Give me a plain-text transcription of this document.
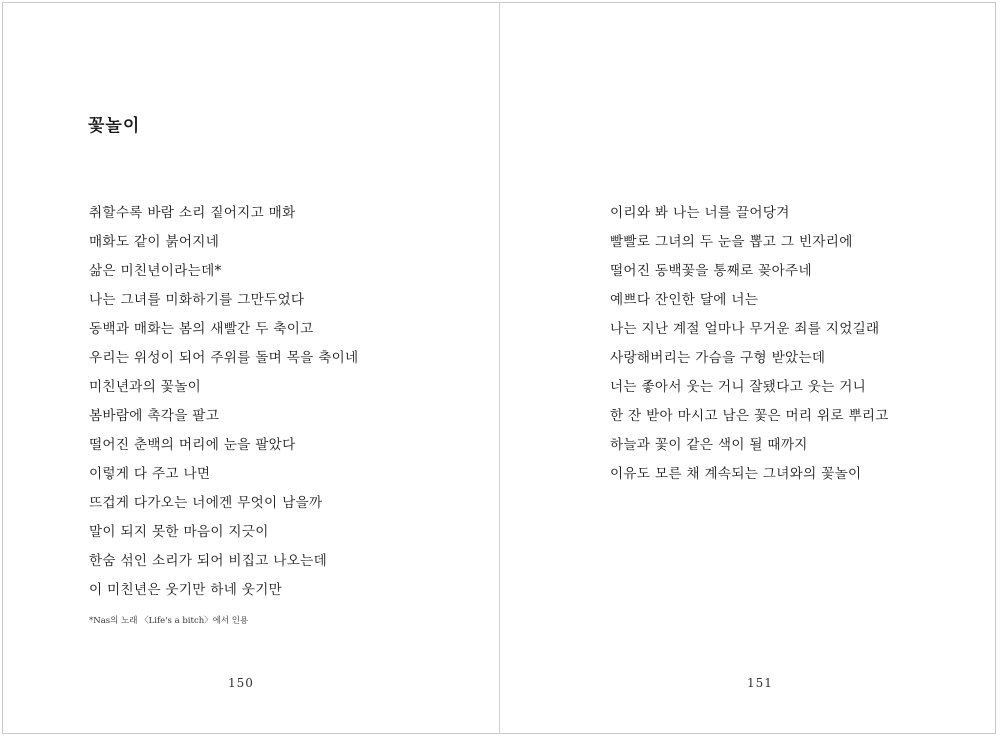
꽃놀이
취할수록 바람 소리 짙어지고 매화
매화도 같이 붉어지네
삶은 미친년이라는데*
나는 그녀를 미화하기를 그만두었다
동백과 매화는 봄의 새빨간 두 축이고
우리는 위성이 되어 주위를 돌며 목을 축이네
미친년과의 꽃놀이
봄바람에 촉각을 팔고
떨어진 춘백의 머리에 눈을 팔았다
이렇게 다 주고 나면
뜨겁게 다가오는 너에겐 무엇이 남을까
말이 되지 못한 마음이 지긋이
한숨 섞인 소리가 되어 비집고 나오는데
이 미친년은 웃기만 하네 웃기만
*Nas의 노래 〈Life's a bitch〉에서 인용
150
이리와 봐 나는 너를 끌어당겨
빨빨로 그녀의 두 눈을 뽑고 그 빈자리에
떨어진 동백꽃을 통째로 꽂아주네
예쁘다 잔인한 달에 너는
나는 지난 계절 얼마나 무거운 죄를 지었길래
사랑해버리는 가슴을 구형 받았는데
너는 좋아서 웃는 거니 잘됐다고 웃는 거니
한 잔 받아 마시고 남은 꽃은 머리 위로 뿌리고
하늘과 꽃이 같은 색이 될 때까지
이유도 모른 채 계속되는 그녀와의 꽃놀이
151
